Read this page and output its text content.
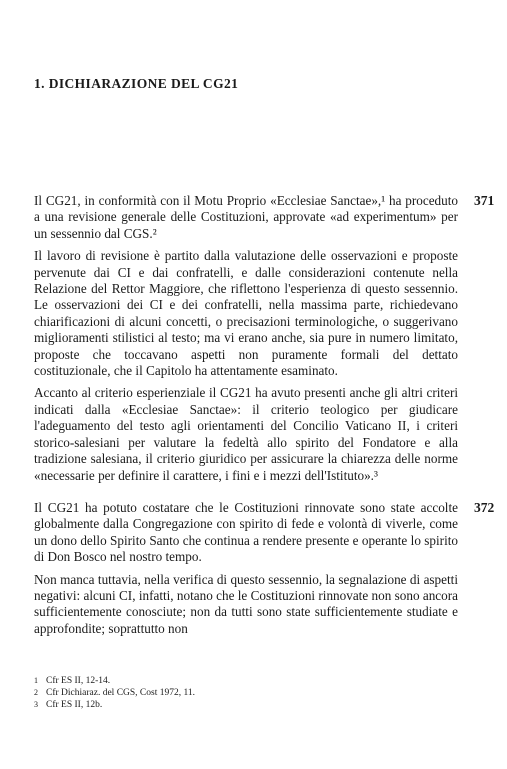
1. DICHIARAZIONE DEL CG21

Il CG21, in conformità con il Motu Proprio «Ecclesiae Sanctae»,¹ ha proceduto a una revisione generale delle Costituzioni, approvate «ad experimentum» per un sessennio dal CGS.²

Il lavoro di revisione è partito dalla valutazione delle osservazioni e proposte pervenute dai CI e dai confratelli, e dalle considerazioni contenute nella Relazione del Rettor Maggiore, che riflettono l'esperienza di questo sessennio. Le osservazioni dei CI e dei confratelli, nella massima parte, richiedevano chiarificazioni di alcuni concetti, o precisazioni terminologiche, o suggerivano miglioramenti stilistici al testo; ma vi erano anche, sia pure in numero limitato, proposte che toccavano aspetti non puramente formali del dettato costituzionale, che il Capitolo ha attentamente esaminato.

Accanto al criterio esperienziale il CG21 ha avuto presenti anche gli altri criteri indicati dalla «Ecclesiae Sanctae»: il criterio teologico per giudicare l'adeguamento del testo agli orientamenti del Concilio Vaticano II, i criteri storico-salesiani per valutare la fedeltà allo spirito del Fondatore e alla tradizione salesiana, il criterio giuridico per assicurare la chiarezza delle norme «necessarie per definire il carattere, i fini e i mezzi dell'Istituto».³

371

Il CG21 ha potuto costatare che le Costituzioni rinnovate sono state accolte globalmente dalla Congregazione con spirito di fede e volontà di viverle, come un dono dello Spirito Santo che continua a rendere presente e operante lo spirito di Don Bosco nel nostro tempo.

Non manca tuttavia, nella verifica di questo sessennio, la segnalazione di aspetti negativi: alcuni CI, infatti, notano che le Costituzioni rinnovate non sono ancora sufficientemente conosciute; non da tutti sono state sufficientemente studiate e approfondite; soprattutto non

372
1 Cfr ES II, 12-14.
2 Cfr Dichiaraz. del CGS, Cost 1972, 11.
3 Cfr ES II, 12b.
